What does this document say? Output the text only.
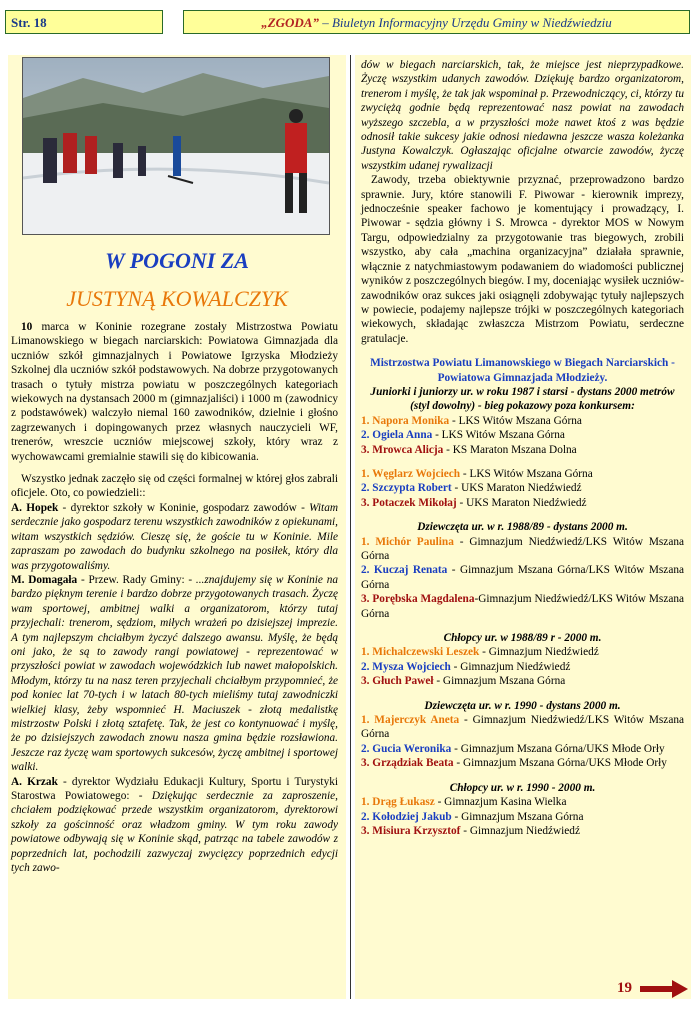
Str. 18	„ZGODA” – Biuletyn Informacyjny Urzędu Gminy w Niedźwiedziu
W POGONI ZA
JUSTYNĄ KOWALCZYK

10 marca w Koninie rozegrane zostały Mistrzostwa Powiatu Limanowskiego w biegach narciarskich: Powiatowa Gimnazjada dla uczniów szkół gimnazjalnych i Powiatowe Igrzyska Młodzieży Szkolnej dla uczniów szkół podstawowych. Na dobrze przygotowanych trasach o tytuły mistrza powiatu w poszczególnych kategoriach wiekowych na dystansach 2000 m (gimnazjaliści) i 1000 m (zawodnicy z podstawówek) walczyło niemal 160 zawodników, dzielnie i głośno zagrzewanych i dopingowanych przez własnych nauczycieli WF, trenerów, wreszcie uczniów miejscowej szkoły, który wraz z wychowawcami gremialnie stawili się do kibicowania.

Wszystko jednak zaczęło się od części formalnej w której głos zabrali oficjele. Oto, co powiedzieli::

A. Hopek - dyrektor szkoły w Koninie, gospodarz zawodów - Witam serdecznie jako gospodarz terenu wszystkich zawodników z opiekunami, witam wszystkich sędziów. Cieszę się, że goście tu w Koninie. Mile zapraszam po zawodach do budynku szkolnego na posiłek, który dla was przygotowaliśmy.

M. Domagała - Przew. Rady Gminy: - ...znajdujemy się w Koninie na bardzo pięknym terenie i bardzo dobrze przygotowanych trasach. Życzę wam sportowej, ambitnej walki a organizatorom, którzy tutaj przyjechali: trenerom, sędziom, miłych wrażeń po dzisiejszej imprezie. A tym najlepszym chciałbym życzyć dalszego awansu. Myślę, że będą oni jako, że są to zawody rangi powiatowej - reprezentować w przyszłości powiat w zawodach wojewódzkich lub nawet małopolskich. Młodym, którzy tu na nasz teren przyjechali chciałbym przypomnieć, że pod koniec lat 70-tych i w latach 80-tych mieliśmy tutaj zawodniczki wielkiej klasy, żeby wspomnieć H. Maciuszek - złotą medalistkę mistrzostw Polski i złotą sztafetę. Tak, że jest co kontynuować i myślę, że po dzisiejszych zawodach znowu nasza gmina będzie rozsławiona. Jeszcze raz życzę wam sportowych sukcesów, życzę ambitnej i sportowej walki.

A. Krzak - dyrektor Wydziału Edukacji Kultury, Sportu i Turystyki Starostwa Powiatowego: - Dziękując serdecznie za zaproszenie, chciałem podziękować przede wszystkim organizatorom, dyrektorowi szkoły za gościnność oraz władzom gminy. W tym roku zawody powiatowe odbywają się w Koninie skąd, patrząc na tabele zawodów z poprzednich lat, pochodzili zazwyczaj zwycięzcy poprzednich edycji tych zawo-

dów w biegach narciarskich, tak, że miejsce jest nieprzypadkowe. Życzę wszystkim udanych zawodów. Dziękuję bardzo organizatorom, trenerom i myślę, że tak jak wspominał p. Przewodniczący, ci, którzy tu zwyciężą godnie będą reprezentować nasz powiat na zawodach wyższego szczebla, a w przyszłości może nawet ktoś z was będzie odnosił takie sukcesy jakie odnosi niedawna jeszcze wasza koleżanka Justyna Kowalczyk. Ogłaszając oficjalne otwarcie zawodów, życzę wszystkim udanej rywalizacji

Zawody, trzeba obiektywnie przyznać, przeprowadzono bardzo sprawnie. Jury, które stanowili F. Piwowar - kierownik imprezy, jednocześnie speaker fachowo je komentujący i prowadzący, I. Piwowar - sędzia główny i S. Mrowca - dyrektor MOS w Nowym Targu, odpowiedzialny za przygotowanie tras biegowych, zrobili wszystko, aby cała „machina organizacyjna” działała sprawnie, włącznie z natychmiastowym podawaniem do wiadomości publicznej wyników z poszczególnych biegów. I my, doceniając wysiłek uczniów-zawodników oraz sukces jaki osiągnęli zdobywając tytuły najlepszych w powiecie, podajemy najlepsze trójki w poszczególnych kategoriach wiekowych, składając zwłaszcza Mistrzom Powiatu, serdeczne gratulacje.

Mistrzostwa Powiatu Limanowskiego w Biegach Narciarskich - Powiatowa Gimnazjada Młodzieży.

Juniorki i juniorzy ur. w roku 1987 i starsi - dystans 2000 metrów (styl dowolny) - bieg pokazowy poza konkursem:

1. Napora Monika - LKS Witów Mszana Górna

2. Ogiela Anna - LKS Witów Mszana Górna

3. Mrowca Alicja - KS Maraton Mszana Dolna

1. Węglarz Wojciech - LKS Witów Mszana Górna

2. Szczypta Robert - UKS Maraton Niedźwiedź

3. Potaczek Mikołaj - UKS Maraton Niedźwiedź

Dziewczęta ur. w r. 1988/89 - dystans 2000 m.

1. Michór Paulina - Gimnazjum Niedźwiedź/LKS Witów Mszana Górna

2. Kuczaj Renata - Gimnazjum Mszana Górna/LKS Witów Mszana Górna

3. Porębska Magdalena-Gimnazjum Niedźwiedź/LKS Witów Mszana Górna

Chłopcy ur. w 1988/89 r - 2000 m.

1. Michalczewski Leszek - Gimnazjum Niedźwiedź

2. Mysza Wojciech - Gimnazjum Niedźwiedź

3. Głuch Paweł - Gimnazjum Mszana Górna

Dziewczęta ur. w r. 1990 - dystans 2000 m.

1. Majerczyk Aneta - Gimnazjum Niedźwiedź/LKS Witów Mszana Górna

2. Gucia Weronika - Gimnazjum Mszana Górna/UKS Młode Orły

3. Grządziak Beata - Gimnazjum Mszana Górna/UKS Młode Orły

Chłopcy ur. w r. 1990 - 2000 m.

1. Drąg Łukasz - Gimnazjum Kasina Wielka

2. Kołodziej Jakub - Gimnazjum Mszana Górna

3. Misiura Krzysztof - Gimnazjum Niedźwiedź

19
